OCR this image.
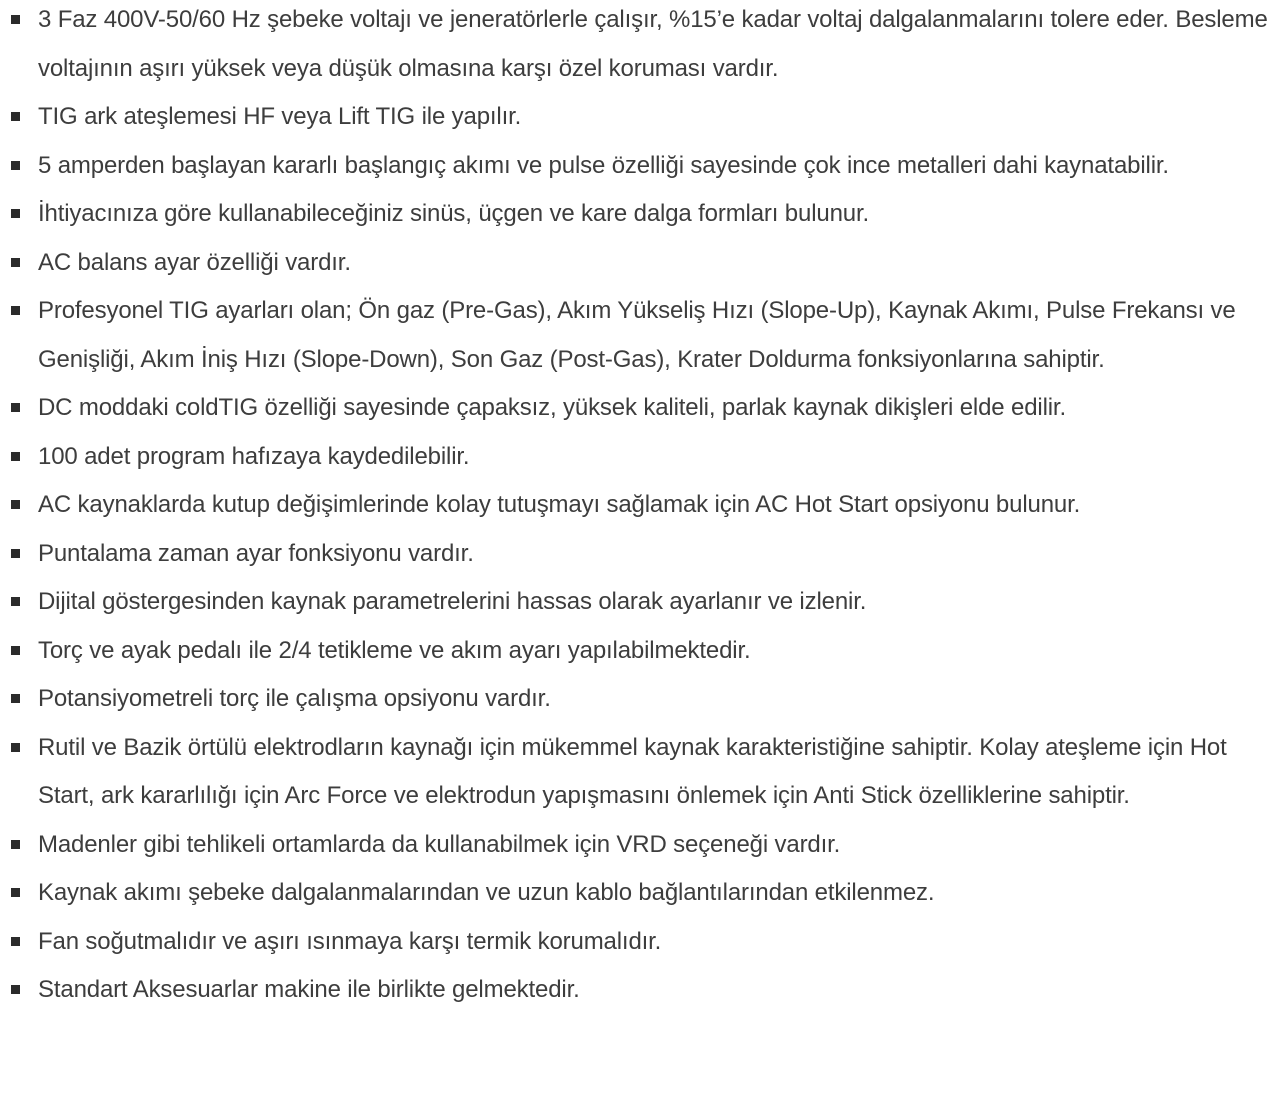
3 Faz 400V-50/60 Hz şebeke voltajı ve jeneratörlerle çalışır, %15’e kadar voltaj dalgalanmalarını tolere eder. Besleme voltajının aşırı yüksek veya düşük olmasına karşı özel koruması vardır.
TIG ark ateşlemesi HF veya Lift TIG ile yapılır.
5 amperden başlayan kararlı başlangıç akımı ve pulse özelliği sayesinde çok ince metalleri dahi kaynatabilir.
İhtiyacınıza göre kullanabileceğiniz sinüs, üçgen ve kare dalga formları bulunur.
AC balans ayar özelliği vardır.
Profesyonel TIG ayarları olan; Ön gaz (Pre-Gas), Akım Yükseliş Hızı (Slope-Up), Kaynak Akımı, Pulse Frekansı ve Genişliği, Akım İniş Hızı (Slope-Down), Son Gaz (Post-Gas), Krater Doldurma fonksiyonlarına sahiptir.
DC moddaki coldTIG özelliği sayesinde çapaksız, yüksek kaliteli, parlak kaynak dikişleri elde edilir.
100 adet program hafızaya kaydedilebilir.
AC kaynaklarda kutup değişimlerinde kolay tutuşmayı sağlamak için AC Hot Start opsiyonu bulunur.
Puntalama zaman ayar fonksiyonu vardır.
Dijital göstergesinden kaynak parametrelerini hassas olarak ayarlanır ve izlenir.
Torç ve ayak pedalı ile 2/4 tetikleme ve akım ayarı yapılabilmektedir.
Potansiyometreli torç ile çalışma opsiyonu vardır.
Rutil ve Bazik örtülü elektrodların kaynağı için mükemmel kaynak karakteristiğine sahiptir. Kolay ateşleme için Hot Start, ark kararlılığı için Arc Force ve elektrodun yapışmasını önlemek için Anti Stick özelliklerine sahiptir.
Madenler gibi tehlikeli ortamlarda da kullanabilmek için VRD seçeneği vardır.
Kaynak akımı şebeke dalgalanmalarından ve uzun kablo bağlantılarından etkilenmez.
Fan soğutmalıdır ve aşırı ısınmaya karşı termik korumalıdır.
Standart Aksesuarlar makine ile birlikte gelmektedir.
